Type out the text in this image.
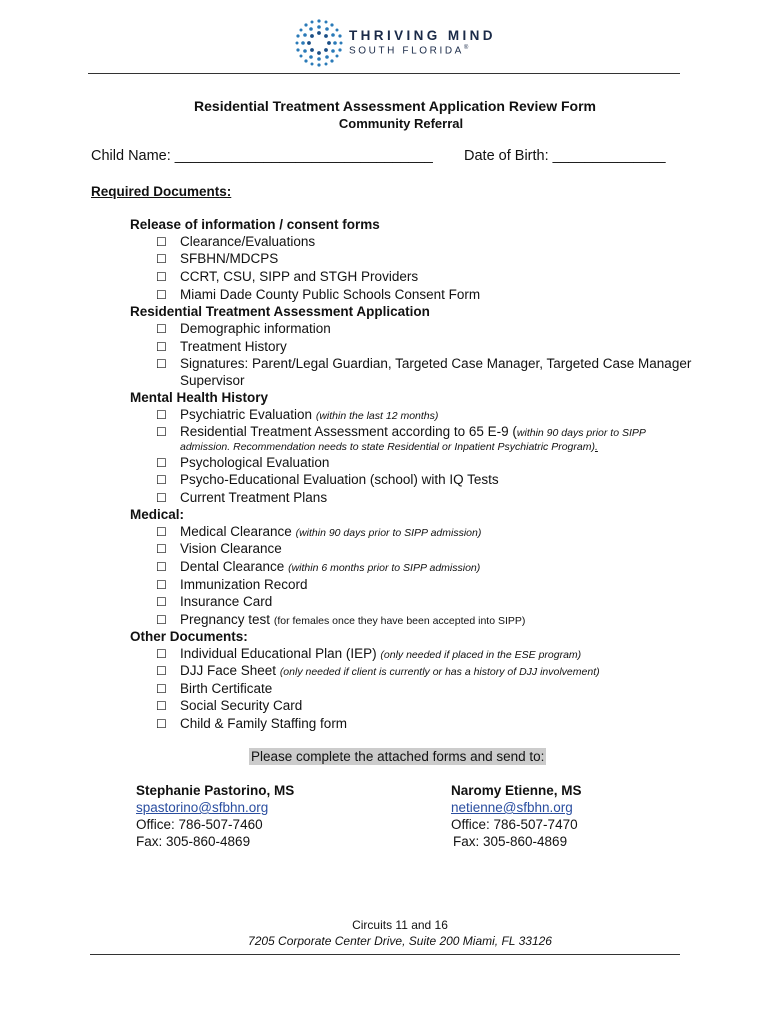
THRIVING MIND
SOUTH FLORIDA®
Residential Treatment Assessment Application Review Form
Community Referral
Child Name: ________________________________ Date of Birth: ______________
Required Documents:
Release of information / consent forms
☐ Clearance/Evaluations
☐ SFBHN/MDCPS
☐ CCRT, CSU, SIPP and STGH Providers
☐ Miami Dade County Public Schools Consent Form
Residential Treatment Assessment Application
☐ Demographic information
☐ Treatment History
☐ Signatures: Parent/Legal Guardian, Targeted Case Manager, Targeted Case Manager
Supervisor
Mental Health History
☐ Psychiatric Evaluation (within the last 12 months)
☐ Residential Treatment Assessment according to 65 E-9 (within 90 days prior to SIPP
admission. Recommendation needs to state Residential or Inpatient Psychiatric Program).
☐ Psychological Evaluation
☐ Psycho-Educational Evaluation (school) with IQ Tests
☐ Current Treatment Plans
Medical:
☐ Medical Clearance (within 90 days prior to SIPP admission)
☐ Vision Clearance
☐ Dental Clearance (within 6 months prior to SIPP admission)
☐ Immunization Record
☐ Insurance Card
☐ Pregnancy test (for females once they have been accepted into SIPP)
Other Documents:
☐ Individual Educational Plan (IEP) (only needed if placed in the ESE program)
☐ DJJ Face Sheet (only needed if client is currently or has a history of DJJ involvement)
☐ Birth Certificate
☐ Social Security Card
☐ Child & Family Staffing form
Please complete the attached forms and send to:
Stephanie Pastorino, MS
spastorino@sfbhn.org
Office: 786-507-7460
Fax: 305-860-4869
Naromy Etienne, MS
netienne@sfbhn.org
Office: 786-507-7470
Fax: 305-860-4869
Circuits 11 and 16
7205 Corporate Center Drive, Suite 200 Miami, FL 33126
